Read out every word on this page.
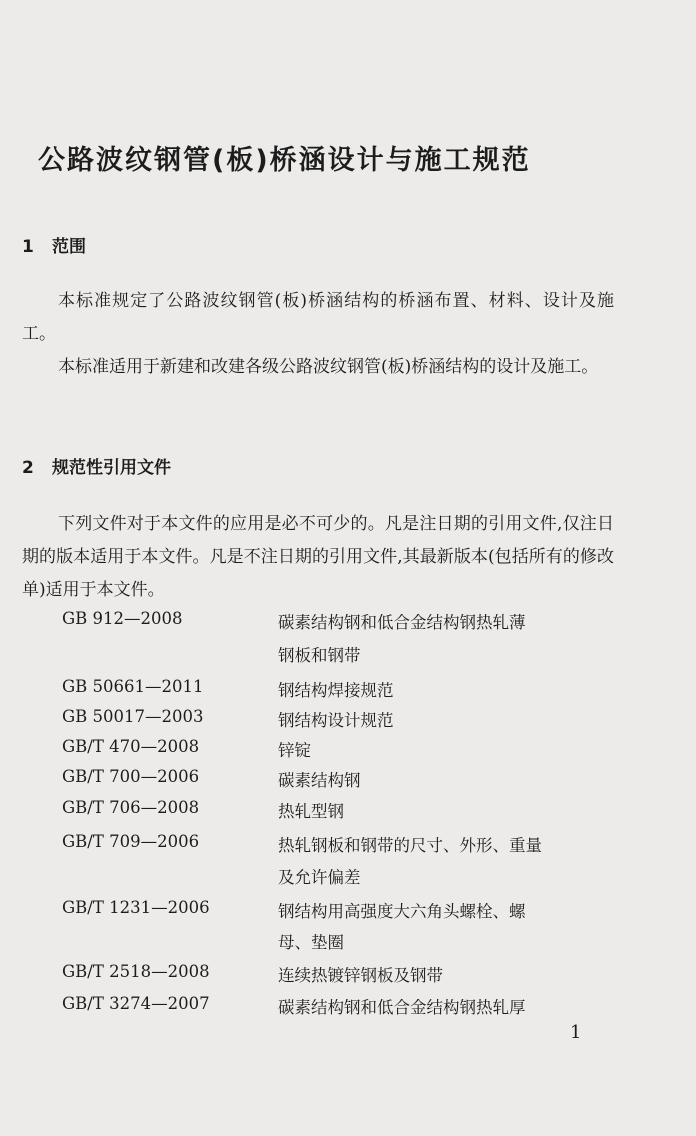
公路波纹钢管(板)桥涵设计与施工规范
1 范围

本标准规定了公路波纹钢管(板)桥涵结构的桥涵布置、材料、设计及施工。

本标准适用于新建和改建各级公路波纹钢管(板)桥涵结构的设计及施工。

2 规范性引用文件

下列文件对于本文件的应用是必不可少的。凡是注日期的引用文件,仅注日期的版本适用于本文件。凡是不注日期的引用文件,其最新版本(包括所有的修改单)适用于本文件。

GB 912—2008	碳素结构钢和低合金结构钢热轧薄
钢板和钢带
GB 50661—2011	钢结构焊接规范
GB 50017—2003	钢结构设计规范
GB/T 470—2008	锌锭
GB/T 700—2006	碳素结构钢
GB/T 706—2008	热轧型钢
GB/T 709—2006	热轧钢板和钢带的尺寸、外形、重量
及允许偏差
GB/T 1231—2006	钢结构用高强度大六角头螺栓、螺
母、垫圈
GB/T 2518—2008	连续热镀锌钢板及钢带
GB/T 3274—2007	碳素结构钢和低合金结构钢热轧厚
1
